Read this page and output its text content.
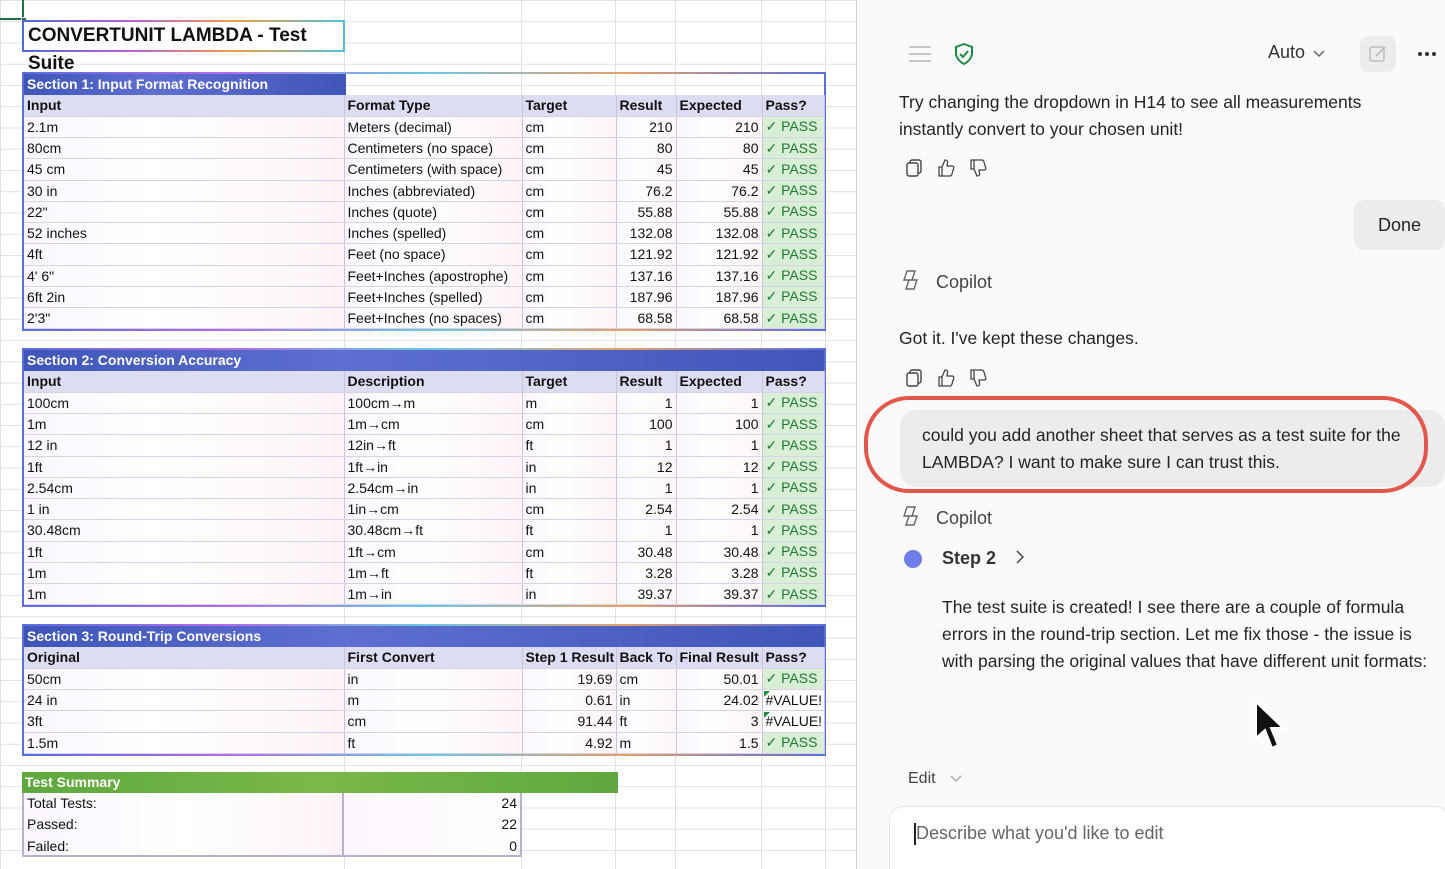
CONVERTUNIT LAMBDA - Test Suite
Section 1: Input Format Recognition
Input	Format Type	Target	Result	Expected	Pass?
2.1m	Meters (decimal)	cm	210	210	✓ PASS
80cm	Centimeters (no space)	cm	80	80	✓ PASS
45 cm	Centimeters (with space)	cm	45	45	✓ PASS
30 in	Inches (abbreviated)	cm	76.2	76.2	✓ PASS
22"	Inches (quote)	cm	55.88	55.88	✓ PASS
52 inches	Inches (spelled)	cm	132.08	132.08	✓ PASS
4ft	Feet (no space)	cm	121.92	121.92	✓ PASS
4' 6"	Feet+Inches (apostrophe)	cm	137.16	137.16	✓ PASS
6ft 2in	Feet+Inches (spelled)	cm	187.96	187.96	✓ PASS
2'3"	Feet+Inches (no spaces)	cm	68.58	68.58	✓ PASS
Section 2: Conversion Accuracy
Input	Description	Target	Result	Expected	Pass?
100cm	100cm→m	m	1	1	✓ PASS
1m	1m→cm	cm	100	100	✓ PASS
12 in	12in→ft	ft	1	1	✓ PASS
1ft	1ft→in	in	12	12	✓ PASS
2.54cm	2.54cm→in	in	1	1	✓ PASS
1 in	1in→cm	cm	2.54	2.54	✓ PASS
30.48cm	30.48cm→ft	ft	1	1	✓ PASS
1ft	1ft→cm	cm	30.48	30.48	✓ PASS
1m	1m→ft	ft	3.28	3.28	✓ PASS
1m	1m→in	in	39.37	39.37	✓ PASS
Section 3: Round-Trip Conversions
Original	First Convert	Step 1 Result	Back To	Final Result	Pass?
50cm	in	19.69	cm	50.01	✓ PASS
24 in	m	0.61	in	24.02	#VALUE!
3ft	cm	91.44	ft	3	#VALUE!
1.5m	ft	4.92	m	1.5	✓ PASS
Test Summary
Total Tests:	24
Passed:	22
Failed:	0
Auto
Try changing the dropdown in H14 to see all measurements instantly convert to your chosen unit!
Done
Copilot
Got it. I've kept these changes.
could you add another sheet that serves as a test suite for the LAMBDA? I want to make sure I can trust this.
Copilot
Step 2
The test suite is created! I see there are a couple of formula errors in the round-trip section. Let me fix those - the issue is with parsing the original values that have different unit formats:
Edit
Describe what you'd like to edit
